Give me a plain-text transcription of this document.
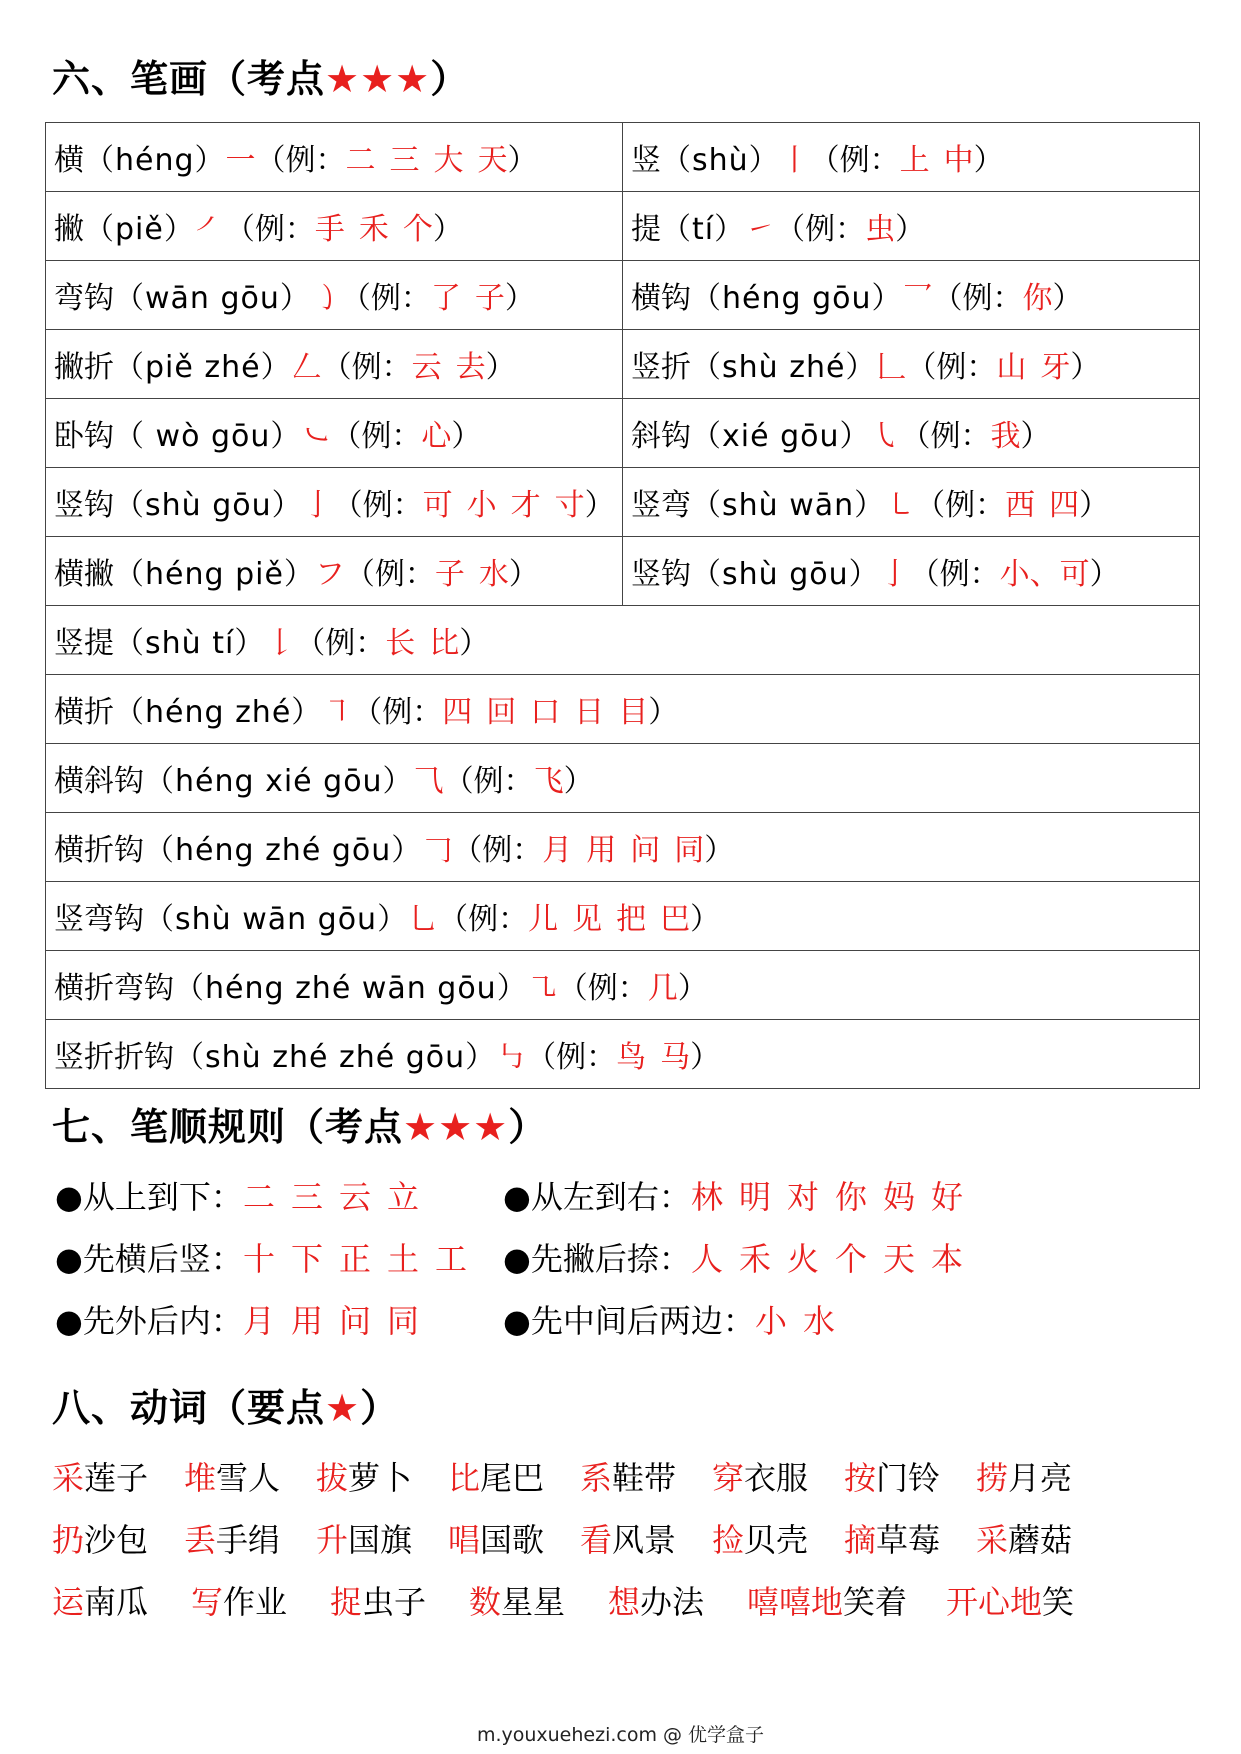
六、笔画（考点★★★）
横（héng）一（例：二 三 大 天）	竖（shù）丨（例：上 中）
撇（piě）㇒（例：手 禾 个）	提（tí）㇀（例：虫）
弯钩（wān gōu）㇁（例：了 子）	横钩（héng gōu）乛（例：你）
撇折（piě zhé）𠃋（例：云 去）	竖折（shù zhé）𠃊（例：山 牙）
卧钩（ wò gōu）㇃（例：心）	斜钩（xié gōu）㇂（例：我）
竖钩（shù gōu）亅（例：可 小 才 寸）	竖弯（shù wān）㇄（例：西 四）
横撇（héng piě）フ（例：子 水）	竖钩（shù gōu）亅（例：小、可）
竖提（shù tí）𠄌（例：长 比）	
横折（héng zhé）㇕（例：四 回 口 日 目）	
横斜钩（héng xié gōu）⺄（例：飞）	
横折钩（héng zhé gōu）𠃌（例：月 用 问 同）	
竖弯钩（shù wān gōu）乚（例：儿 见 把 巴）	
横折弯钩（héng zhé wān gōu）㇈（例：几）	
竖折折钩（shù zhé zhé gōu）㇉（例：鸟 马）	
七、笔顺规则（考点★★★）
●从上到下：二 三 云 立	●从左到右：林 明 对 你 妈 好
●先横后竖：十 下 正 土 工	●先撇后捺：人 禾 火 个 天 本
●先外后内：月 用 问 同	●先中间后两边：小 水
八、动词（要点★）
采莲子 堆雪人 拔萝卜 比尾巴 系鞋带 穿衣服 按门铃 捞月亮
扔沙包 丢手绢 升国旗 唱国歌 看风景 捡贝壳 摘草莓 采蘑菇
运南瓜 写作业 捉虫子 数星星 想办法 嘻嘻地笑着 开心地笑
m.youxuehezi.com @ 优学盒子
